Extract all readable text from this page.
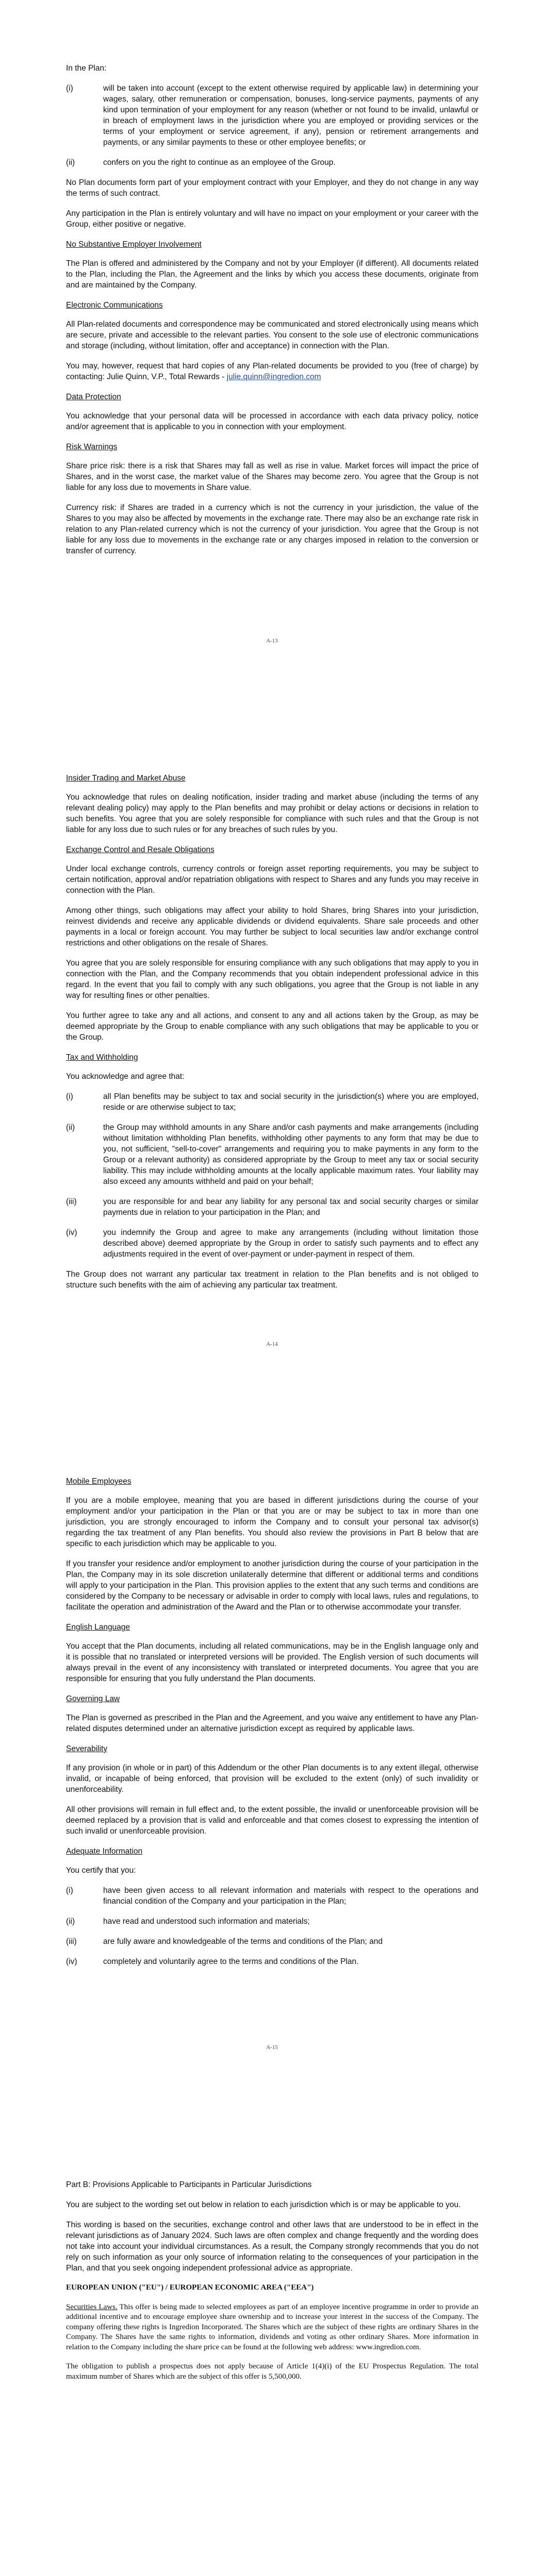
In the Plan:

(i)	will be taken into account (except to the extent otherwise required by applicable law) in determining your wages, salary, other remuneration or compensation, bonuses, long-service payments, payments of any kind upon termination of your employment for any reason (whether or not found to be invalid, unlawful or in breach of employment laws in the jurisdiction where you are employed or providing services or the terms of your employment or service agreement, if any), pension or retirement arrangements and payments, or any similar payments to these or other employee benefits; or
(ii)	confers on you the right to continue as an employee of the Group.

No Plan documents form part of your employment contract with your Employer, and they do not change in any way the terms of such contract.

Any participation in the Plan is entirely voluntary and will have no impact on your employment or your career with the Group, either positive or negative.

No Substantive Employer Involvement

The Plan is offered and administered by the Company and not by your Employer (if different). All documents related to the Plan, including the Plan, the Agreement and the links by which you access these documents, originate from and are maintained by the Company.

Electronic Communications

All Plan-related documents and correspondence may be communicated and stored electronically using means which are secure, private and accessible to the relevant parties. You consent to the sole use of electronic communications and storage (including, without limitation, offer and acceptance) in connection with the Plan.

You may, however, request that hard copies of any Plan-related documents be provided to you (free of charge) by contacting: Julie Quinn, V.P., Total Rewards - julie.quinn@ingredion.com

Data Protection

You acknowledge that your personal data will be processed in accordance with each data privacy policy, notice and/or agreement that is applicable to you in connection with your employment.

Risk Warnings

Share price risk: there is a risk that Shares may fall as well as rise in value. Market forces will impact the price of Shares, and in the worst case, the market value of the Shares may become zero. You agree that the Group is not liable for any loss due to movements in Share value.

Currency risk: if Shares are traded in a currency which is not the currency in your jurisdiction, the value of the Shares to you may also be affected by movements in the exchange rate. There may also be an exchange rate risk in relation to any Plan-related currency which is not the currency of your jurisdiction. You agree that the Group is not liable for any loss due to movements in the exchange rate or any charges imposed in relation to the conversion or transfer of currency.

A-13

Insider Trading and Market Abuse

You acknowledge that rules on dealing notification, insider trading and market abuse (including the terms of any relevant dealing policy) may apply to the Plan benefits and may prohibit or delay actions or decisions in relation to such benefits. You agree that you are solely responsible for compliance with such rules and that the Group is not liable for any loss due to such rules or for any breaches of such rules by you.

Exchange Control and Resale Obligations

Under local exchange controls, currency controls or foreign asset reporting requirements, you may be subject to certain notification, approval and/or repatriation obligations with respect to Shares and any funds you may receive in connection with the Plan.

Among other things, such obligations may affect your ability to hold Shares, bring Shares into your jurisdiction, reinvest dividends and receive any applicable dividends or dividend equivalents. Share sale proceeds and other payments in a local or foreign account. You may further be subject to local securities law and/or exchange control restrictions and other obligations on the resale of Shares.

You agree that you are solely responsible for ensuring compliance with any such obligations that may apply to you in connection with the Plan, and the Company recommends that you obtain independent professional advice in this regard. In the event that you fail to comply with any such obligations, you agree that the Group is not liable in any way for resulting fines or other penalties.

You further agree to take any and all actions, and consent to any and all actions taken by the Group, as may be deemed appropriate by the Group to enable compliance with any such obligations that may be applicable to you or the Group.

Tax and Withholding

You acknowledge and agree that:

(i)	all Plan benefits may be subject to tax and social security in the jurisdiction(s) where you are employed, reside or are otherwise subject to tax;
(ii)	the Group may withhold amounts in any Share and/or cash payments and make arrangements (including without limitation withholding Plan benefits, withholding other payments to any form that may be due to you, not sufficient, "sell-to-cover" arrangements and requiring you to make payments in any form to the Group or a relevant authority) as considered appropriate by the Group to meet any tax or social security liability. This may include withholding amounts at the locally applicable maximum rates. Your liability may also exceed any amounts withheld and paid on your behalf;
(iii)	you are responsible for and bear any liability for any personal tax and social security charges or similar payments due in relation to your participation in the Plan; and
(iv)	you indemnify the Group and agree to make any arrangements (including without limitation those described above) deemed appropriate by the Group in order to satisfy such payments and to effect any adjustments required in the event of over-payment or under-payment in respect of them.

The Group does not warrant any particular tax treatment in relation to the Plan benefits and is not obliged to structure such benefits with the aim of achieving any particular tax treatment.

A-14

Mobile Employees

If you are a mobile employee, meaning that you are based in different jurisdictions during the course of your employment and/or your participation in the Plan or that you are or may be subject to tax in more than one jurisdiction, you are strongly encouraged to inform the Company and to consult your personal tax advisor(s) regarding the tax treatment of any Plan benefits. You should also review the provisions in Part B below that are specific to each jurisdiction which may be applicable to you.

If you transfer your residence and/or employment to another jurisdiction during the course of your participation in the Plan, the Company may in its sole discretion unilaterally determine that different or additional terms and conditions will apply to your participation in the Plan. This provision applies to the extent that any such terms and conditions are considered by the Company to be necessary or advisable in order to comply with local laws, rules and regulations, to facilitate the operation and administration of the Award and the Plan or to otherwise accommodate your transfer.

English Language

You accept that the Plan documents, including all related communications, may be in the English language only and it is possible that no translated or interpreted versions will be provided. The English version of such documents will always prevail in the event of any inconsistency with translated or interpreted documents. You agree that you are responsible for ensuring that you fully understand the Plan documents.

Governing Law

The Plan is governed as prescribed in the Plan and the Agreement, and you waive any entitlement to have any Plan-related disputes determined under an alternative jurisdiction except as required by applicable laws.

Severability

If any provision (in whole or in part) of this Addendum or the other Plan documents is to any extent illegal, otherwise invalid, or incapable of being enforced, that provision will be excluded to the extent (only) of such invalidity or unenforceability.

All other provisions will remain in full effect and, to the extent possible, the invalid or unenforceable provision will be deemed replaced by a provision that is valid and enforceable and that comes closest to expressing the intention of such invalid or unenforceable provision.

Adequate Information

You certify that you:

(i)	have been given access to all relevant information and materials with respect to the operations and financial condition of the Company and your participation in the Plan;
(ii)	have read and understood such information and materials;
(iii)	are fully aware and knowledgeable of the terms and conditions of the Plan; and
(iv)	completely and voluntarily agree to the terms and conditions of the Plan.
A-15

Part B: Provisions Applicable to Participants in Particular Jurisdictions

You are subject to the wording set out below in relation to each jurisdiction which is or may be applicable to you.

This wording is based on the securities, exchange control and other laws that are understood to be in effect in the relevant jurisdictions as of January 2024. Such laws are often complex and change frequently and the wording does not take into account your individual circumstances. As a result, the Company strongly recommends that you do not rely on such information as your only source of information relating to the consequences of your participation in the Plan, and that you seek ongoing independent professional advice as appropriate.

EUROPEAN UNION ("EU") / EUROPEAN ECONOMIC AREA ("EEA")

Securities Laws. This offer is being made to selected employees as part of an employee incentive programme in order to provide an additional incentive and to encourage employee share ownership and to increase your interest in the success of the Company. The company offering these rights is Ingredion Incorporated. The Shares which are the subject of these rights are ordinary Shares in the Company. The Shares have the same rights to information, dividends and voting as other ordinary Shares. More information in relation to the Company including the share price can be found at the following web address: www.ingredion.com.

The obligation to publish a prospectus does not apply because of Article 1(4)(i) of the EU Prospectus Regulation. The total maximum number of Shares which are the subject of this offer is 5,500,000.
